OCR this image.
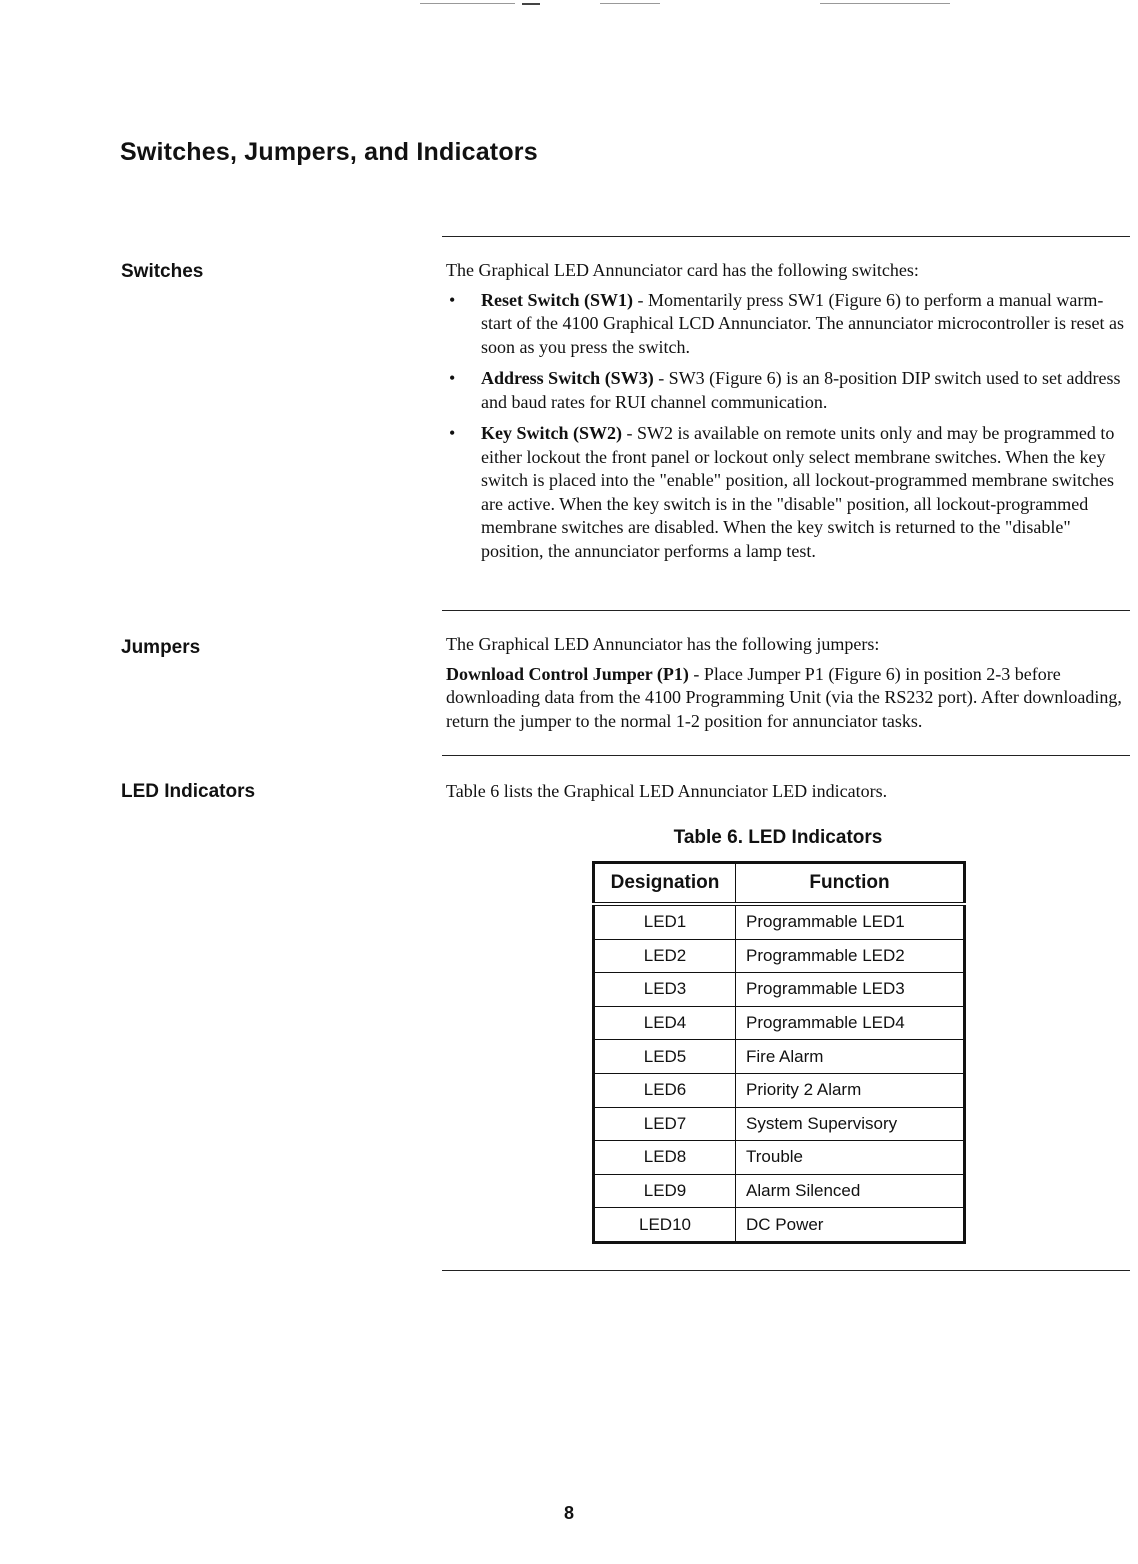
Switches, Jumpers, and Indicators
Switches	The Graphical LED Annunciator card has the following switches:

• Reset Switch (SW1) - Momentarily press SW1 (Figure 6) to perform a manual warm-start of the 4100 Graphical LCD Annunciator. The annunciator microcontroller is reset as soon as you press the switch.
• Address Switch (SW3) - SW3 (Figure 6) is an 8-position DIP switch used to set address and baud rates for RUI channel communication.
• Key Switch (SW2) - SW2 is available on remote units only and may be programmed to either lockout the front panel or lockout only select membrane switches. When the key switch is placed into the "enable" position, all lockout-programmed membrane switches are active. When the key switch is in the "disable" position, all lockout-programmed membrane switches are disabled. When the key switch is returned to the "disable" position, the annunciator performs a lamp test.
Jumpers	The Graphical LED Annunciator has the following jumpers:

Download Control Jumper (P1) - Place Jumper P1 (Figure 6) in position 2-3 before downloading data from the 4100 Programming Unit (via the RS232 port). After downloading, return the jumper to the normal 1-2 position for annunciator tasks.

LED Indicators	Table 6 lists the Graphical LED Annunciator LED indicators.

Table 6. LED Indicators

Designation	Function
LED1	Programmable LED1
LED2	Programmable LED2
LED3	Programmable LED3
LED4	Programmable LED4
LED5	Fire Alarm
LED6	Priority 2 Alarm
LED7	System Supervisory
LED8	Trouble
LED9	Alarm Silenced
LED10	DC Power

8
